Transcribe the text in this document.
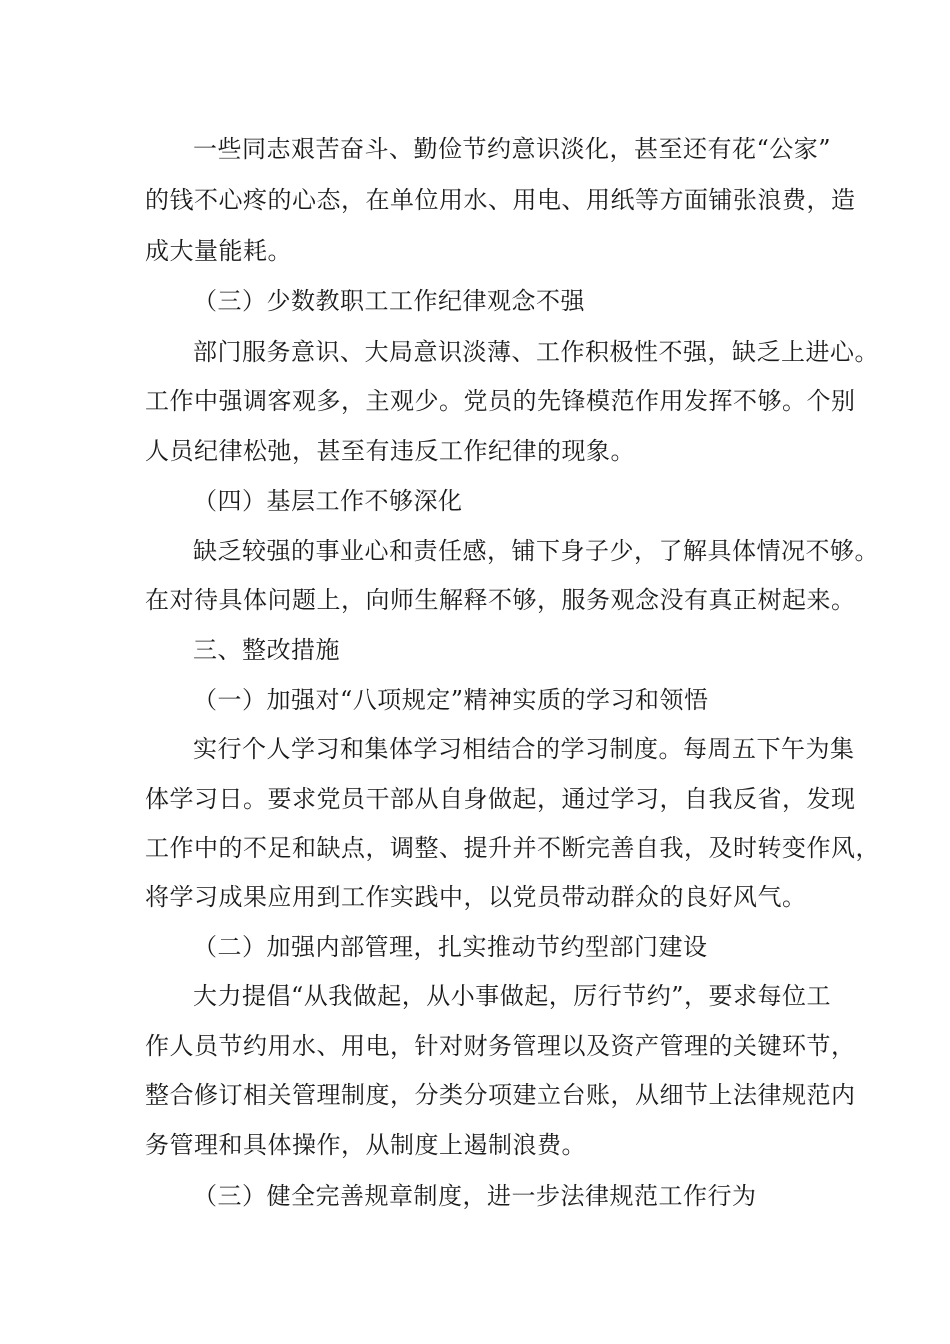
一些同志艰苦奋斗、勤俭节约意识淡化，甚至还有花“公家”
的钱不心疼的心态，在单位用水、用电、用纸等方面铺张浪费，造
成大量能耗。
（三）少数教职工工作纪律观念不强
部门服务意识、大局意识淡薄、工作积极性不强，缺乏上进心。
工作中强调客观多，主观少。党员的先锋模范作用发挥不够。个别
人员纪律松弛，甚至有违反工作纪律的现象。
（四）基层工作不够深化
缺乏较强的事业心和责任感，铺下身子少，了解具体情况不够。
在对待具体问题上，向师生解释不够，服务观念没有真正树起来。
三、整改措施
（一）加强对“八项规定”精神实质的学习和领悟
实行个人学习和集体学习相结合的学习制度。每周五下午为集
体学习日。要求党员干部从自身做起，通过学习，自我反省，发现
工作中的不足和缺点，调整、提升并不断完善自我，及时转变作风，
将学习成果应用到工作实践中，以党员带动群众的良好风气。
（二）加强内部管理，扎实推动节约型部门建设
大力提倡“从我做起，从小事做起，厉行节约”，要求每位工
作人员节约用水、用电，针对财务管理以及资产管理的关键环节，
整合修订相关管理制度，分类分项建立台账，从细节上法律规范内
务管理和具体操作，从制度上遏制浪费。
（三）健全完善规章制度，进一步法律规范工作行为
